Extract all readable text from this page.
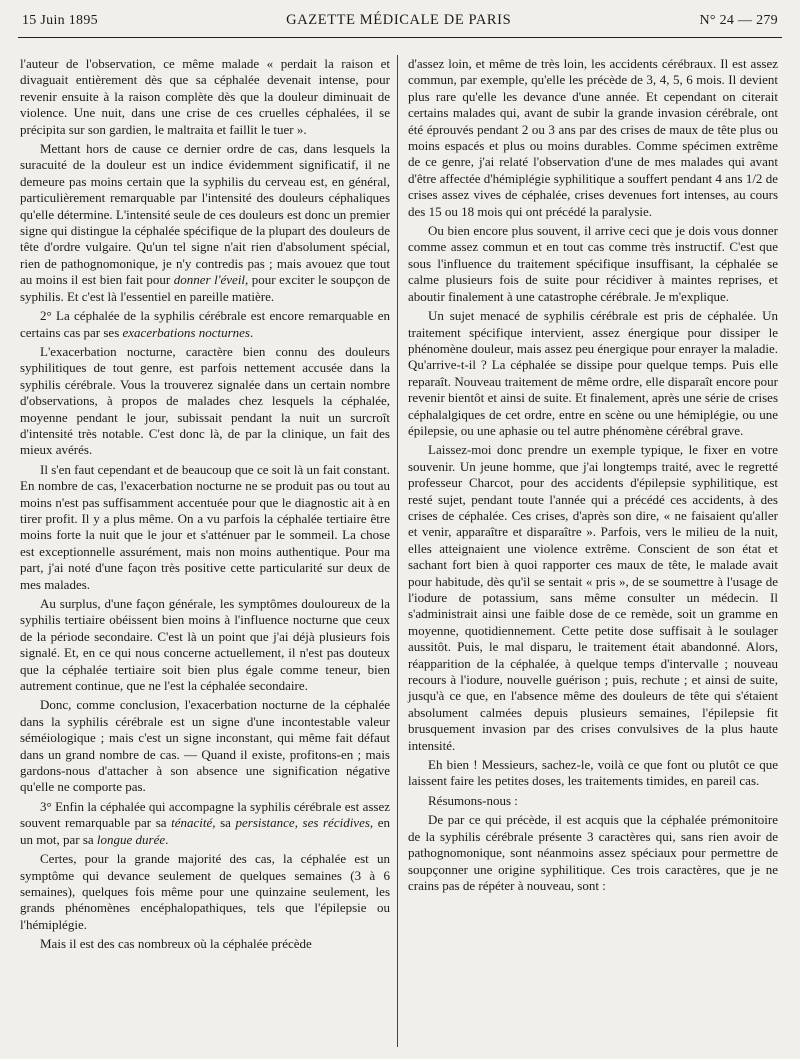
15 Juin 1895	GAZETTE MÉDICALE DE PARIS	N° 24 — 279

l'auteur de l'observation, ce même malade « perdait la raison et divaguait entièrement dès que sa céphalée devenait intense, pour revenir ensuite à la raison complète dès que la douleur diminuait de violence. Une nuit, dans une crise de ces cruelles céphalées, il se précipita sur son gardien, le maltraita et faillit le tuer ».

Mettant hors de cause ce dernier ordre de cas, dans lesquels la suracuité de la douleur est un indice évidemment significatif, il ne demeure pas moins certain que la syphilis du cerveau est, en général, particulièrement remarquable par l'intensité des douleurs céphaliques qu'elle détermine. L'intensité seule de ces douleurs est donc un premier signe qui distingue la céphalée spécifique de la plupart des douleurs de tête d'ordre vulgaire. Qu'un tel signe n'ait rien d'absolument spécial, rien de pathognomonique, je n'y contredis pas ; mais avouez que tout au moins il est bien fait pour donner l'éveil, pour exciter le soupçon de syphilis. Et c'est là l'essentiel en pareille matière.

2° La céphalée de la syphilis cérébrale est encore remarquable en certains cas par ses exacerbations nocturnes.

L'exacerbation nocturne, caractère bien connu des douleurs syphilitiques de tout genre, est parfois nettement accusée dans la syphilis cérébrale. Vous la trouverez signalée dans un certain nombre d'observations, à propos de malades chez lesquels la céphalée, moyenne pendant le jour, subissait pendant la nuit un surcroît d'intensité très notable. C'est donc là, de par la clinique, un fait des mieux avérés.

Il s'en faut cependant et de beaucoup que ce soit là un fait constant. En nombre de cas, l'exacerbation nocturne ne se produit pas ou tout au moins n'est pas suffisamment accentuée pour que le diagnostic ait à en tirer profit. Il y a plus même. On a vu parfois la céphalée tertiaire être moins forte la nuit que le jour et s'atténuer par le sommeil. La chose est exceptionnelle assurément, mais non moins authentique. Pour ma part, j'ai noté d'une façon très positive cette particularité sur deux de mes malades.

Au surplus, d'une façon générale, les symptômes douloureux de la syphilis tertiaire obéissent bien moins à l'influence nocturne que ceux de la période secondaire. C'est là un point que j'ai déjà plusieurs fois signalé. Et, en ce qui nous concerne actuellement, il n'est pas douteux que la céphalée tertiaire soit bien plus égale comme teneur, bien autrement continue, que ne l'est la céphalée secondaire.

Donc, comme conclusion, l'exacerbation nocturne de la céphalée dans la syphilis cérébrale est un signe d'une incontestable valeur séméiologique ; mais c'est un signe inconstant, qui même fait défaut dans un grand nombre de cas. — Quand il existe, profitons-en ; mais gardons-nous d'attacher à son absence une signification négative qu'elle ne comporte pas.

3° Enfin la céphalée qui accompagne la syphilis cérébrale est assez souvent remarquable par sa ténacité, sa persistance, ses récidives, en un mot, par sa longue durée.

Certes, pour la grande majorité des cas, la céphalée est un symptôme qui devance seulement de quelques semaines (3 à 6 semaines), quelques fois même pour une quinzaine seulement, les grands phénomènes encéphalopathiques, tels que l'épilepsie ou l'hémiplégie.

Mais il est des cas nombreux où la céphalée précède

d'assez loin, et même de très loin, les accidents cérébraux. Il est assez commun, par exemple, qu'elle les précède de 3, 4, 5, 6 mois. Il devient plus rare qu'elle les devance d'une année. Et cependant on citerait certains malades qui, avant de subir la grande invasion cérébrale, ont été éprouvés pendant 2 ou 3 ans par des crises de maux de tête plus ou moins espacés et plus ou moins durables. Comme spécimen extrême de ce genre, j'ai relaté l'observation d'une de mes malades qui avant d'être affectée d'hémiplégie syphilitique a souffert pendant 4 ans 1/2 de crises assez vives de céphalée, crises devenues fort intenses, au cours des 15 ou 18 mois qui ont précédé la paralysie.

Ou bien encore plus souvent, il arrive ceci que je dois vous donner comme assez commun et en tout cas comme très instructif. C'est que sous l'influence du traitement spécifique insuffisant, la céphalée se calme plusieurs fois de suite pour récidiver à maintes reprises, et aboutir finalement à une catastrophe cérébrale. Je m'explique.

Un sujet menacé de syphilis cérébrale est pris de céphalée. Un traitement spécifique intervient, assez énergique pour dissiper le phénomène douleur, mais assez peu énergique pour enrayer la maladie. Qu'arrive-t-il ? La céphalée se dissipe pour quelque temps. Puis elle reparaît. Nouveau traitement de même ordre, elle disparaît encore pour revenir bientôt et ainsi de suite. Et finalement, après une série de crises céphalalgiques de cet ordre, entre en scène ou une hémiplégie, ou une épilepsie, ou une aphasie ou tel autre phénomène cérébral grave.

Laissez-moi donc prendre un exemple typique, le fixer en votre souvenir. Un jeune homme, que j'ai longtemps traité, avec le regretté professeur Charcot, pour des accidents d'épilepsie syphilitique, est resté sujet, pendant toute l'année qui a précédé ces accidents, à des crises de céphalée. Ces crises, d'après son dire, « ne faisaient qu'aller et venir, apparaître et disparaître ». Parfois, vers le milieu de la nuit, elles atteignaient une violence extrême. Conscient de son état et sachant fort bien à quoi rapporter ces maux de tête, le malade avait pour habitude, dès qu'il se sentait « pris », de se soumettre à l'usage de l'iodure de potassium, sans même consulter un médecin. Il s'administrait ainsi une faible dose de ce remède, soit un gramme en moyenne, quotidiennement. Cette petite dose suffisait à le soulager aussitôt. Puis, le mal disparu, le traitement était abandonné. Alors, réapparition de la céphalée, à quelque temps d'intervalle ; nouveau recours à l'iodure, nouvelle guérison ; puis, rechute ; et ainsi de suite, jusqu'à ce que, en l'absence même des douleurs de tête qui s'étaient absolument calmées depuis plusieurs semaines, l'épilepsie fit brusquement invasion par des crises convulsives de la plus haute intensité.

Eh bien ! Messieurs, sachez-le, voilà ce que font ou plutôt ce que laissent faire les petites doses, les traitements timides, en pareil cas.

Résumons-nous :

De par ce qui précède, il est acquis que la céphalée prémonitoire de la syphilis cérébrale présente 3 caractères qui, sans rien avoir de pathognomonique, sont néanmoins assez spéciaux pour permettre de soupçonner une origine syphilitique. Ces trois caractères, que je ne crains pas de répéter à nouveau, sont :
